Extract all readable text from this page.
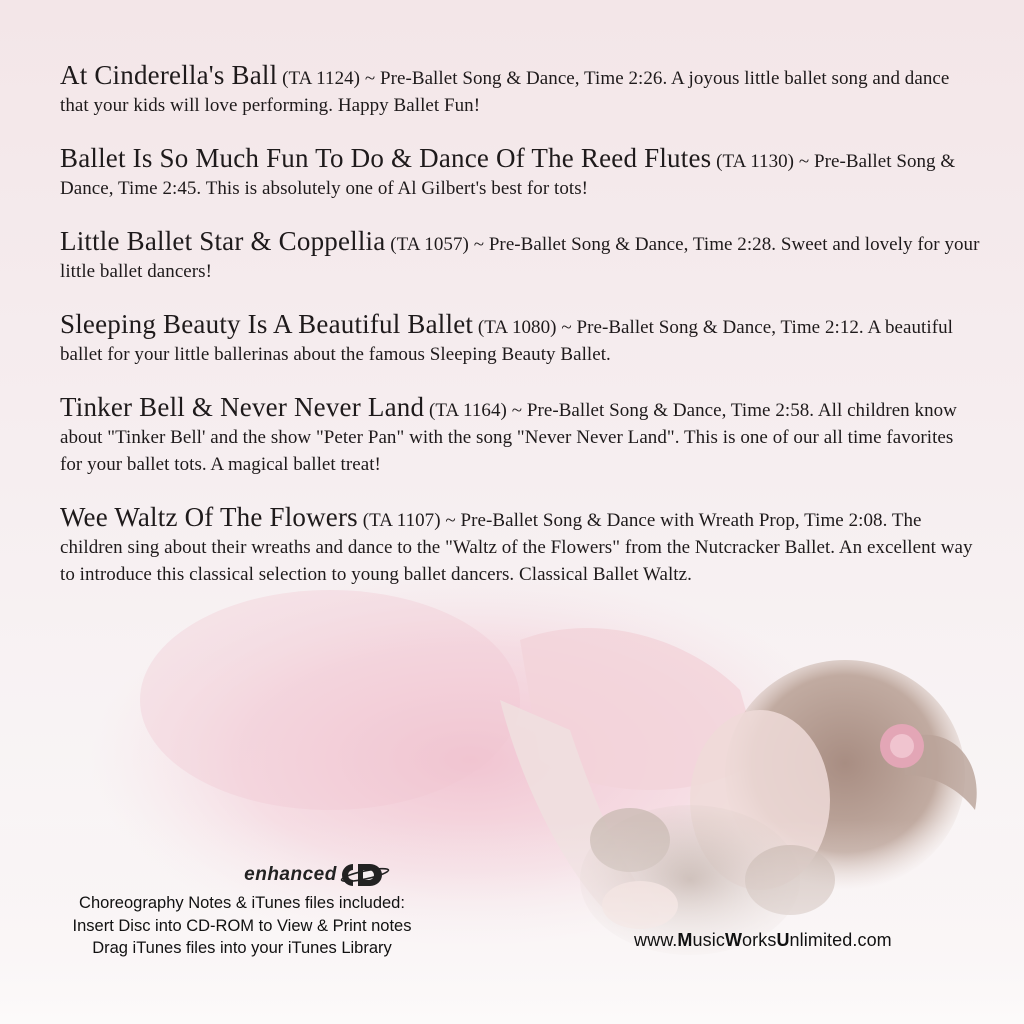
At Cinderella's Ball (TA 1124) ~ Pre-Ballet Song & Dance, Time 2:26. A joyous little ballet song and dance that your kids will love performing. Happy Ballet Fun!

Ballet Is So Much Fun To Do & Dance Of The Reed Flutes (TA 1130) ~ Pre-Ballet Song & Dance, Time 2:45. This is absolutely one of Al Gilbert's best for tots!

Little Ballet Star & Coppellia (TA 1057) ~ Pre-Ballet Song & Dance, Time 2:28. Sweet and lovely for your little ballet dancers!

Sleeping Beauty Is A Beautiful Ballet (TA 1080) ~ Pre-Ballet Song & Dance, Time 2:12. A beautiful ballet for your little ballerinas about the famous Sleeping Beauty Ballet.

Tinker Bell & Never Never Land (TA 1164) ~ Pre-Ballet Song & Dance, Time 2:58. All children know about "Tinker Bell' and the show "Peter Pan" with the song "Never Never Land". This is one of our all time favorites for your ballet tots. A magical ballet treat!

Wee Waltz Of The Flowers (TA 1107) ~ Pre-Ballet Song & Dance with Wreath Prop, Time 2:08. The children sing about their wreaths and dance to the "Waltz of the Flowers" from the Nutcracker Ballet. An excellent way to introduce this classical selection to young ballet dancers. Classical Ballet Waltz.

enhanced
Choreography Notes & iTunes files included:
Insert Disc into CD-ROM to View & Print notes
Drag iTunes files into your iTunes Library	www.MusicWorksUnlimited.com
